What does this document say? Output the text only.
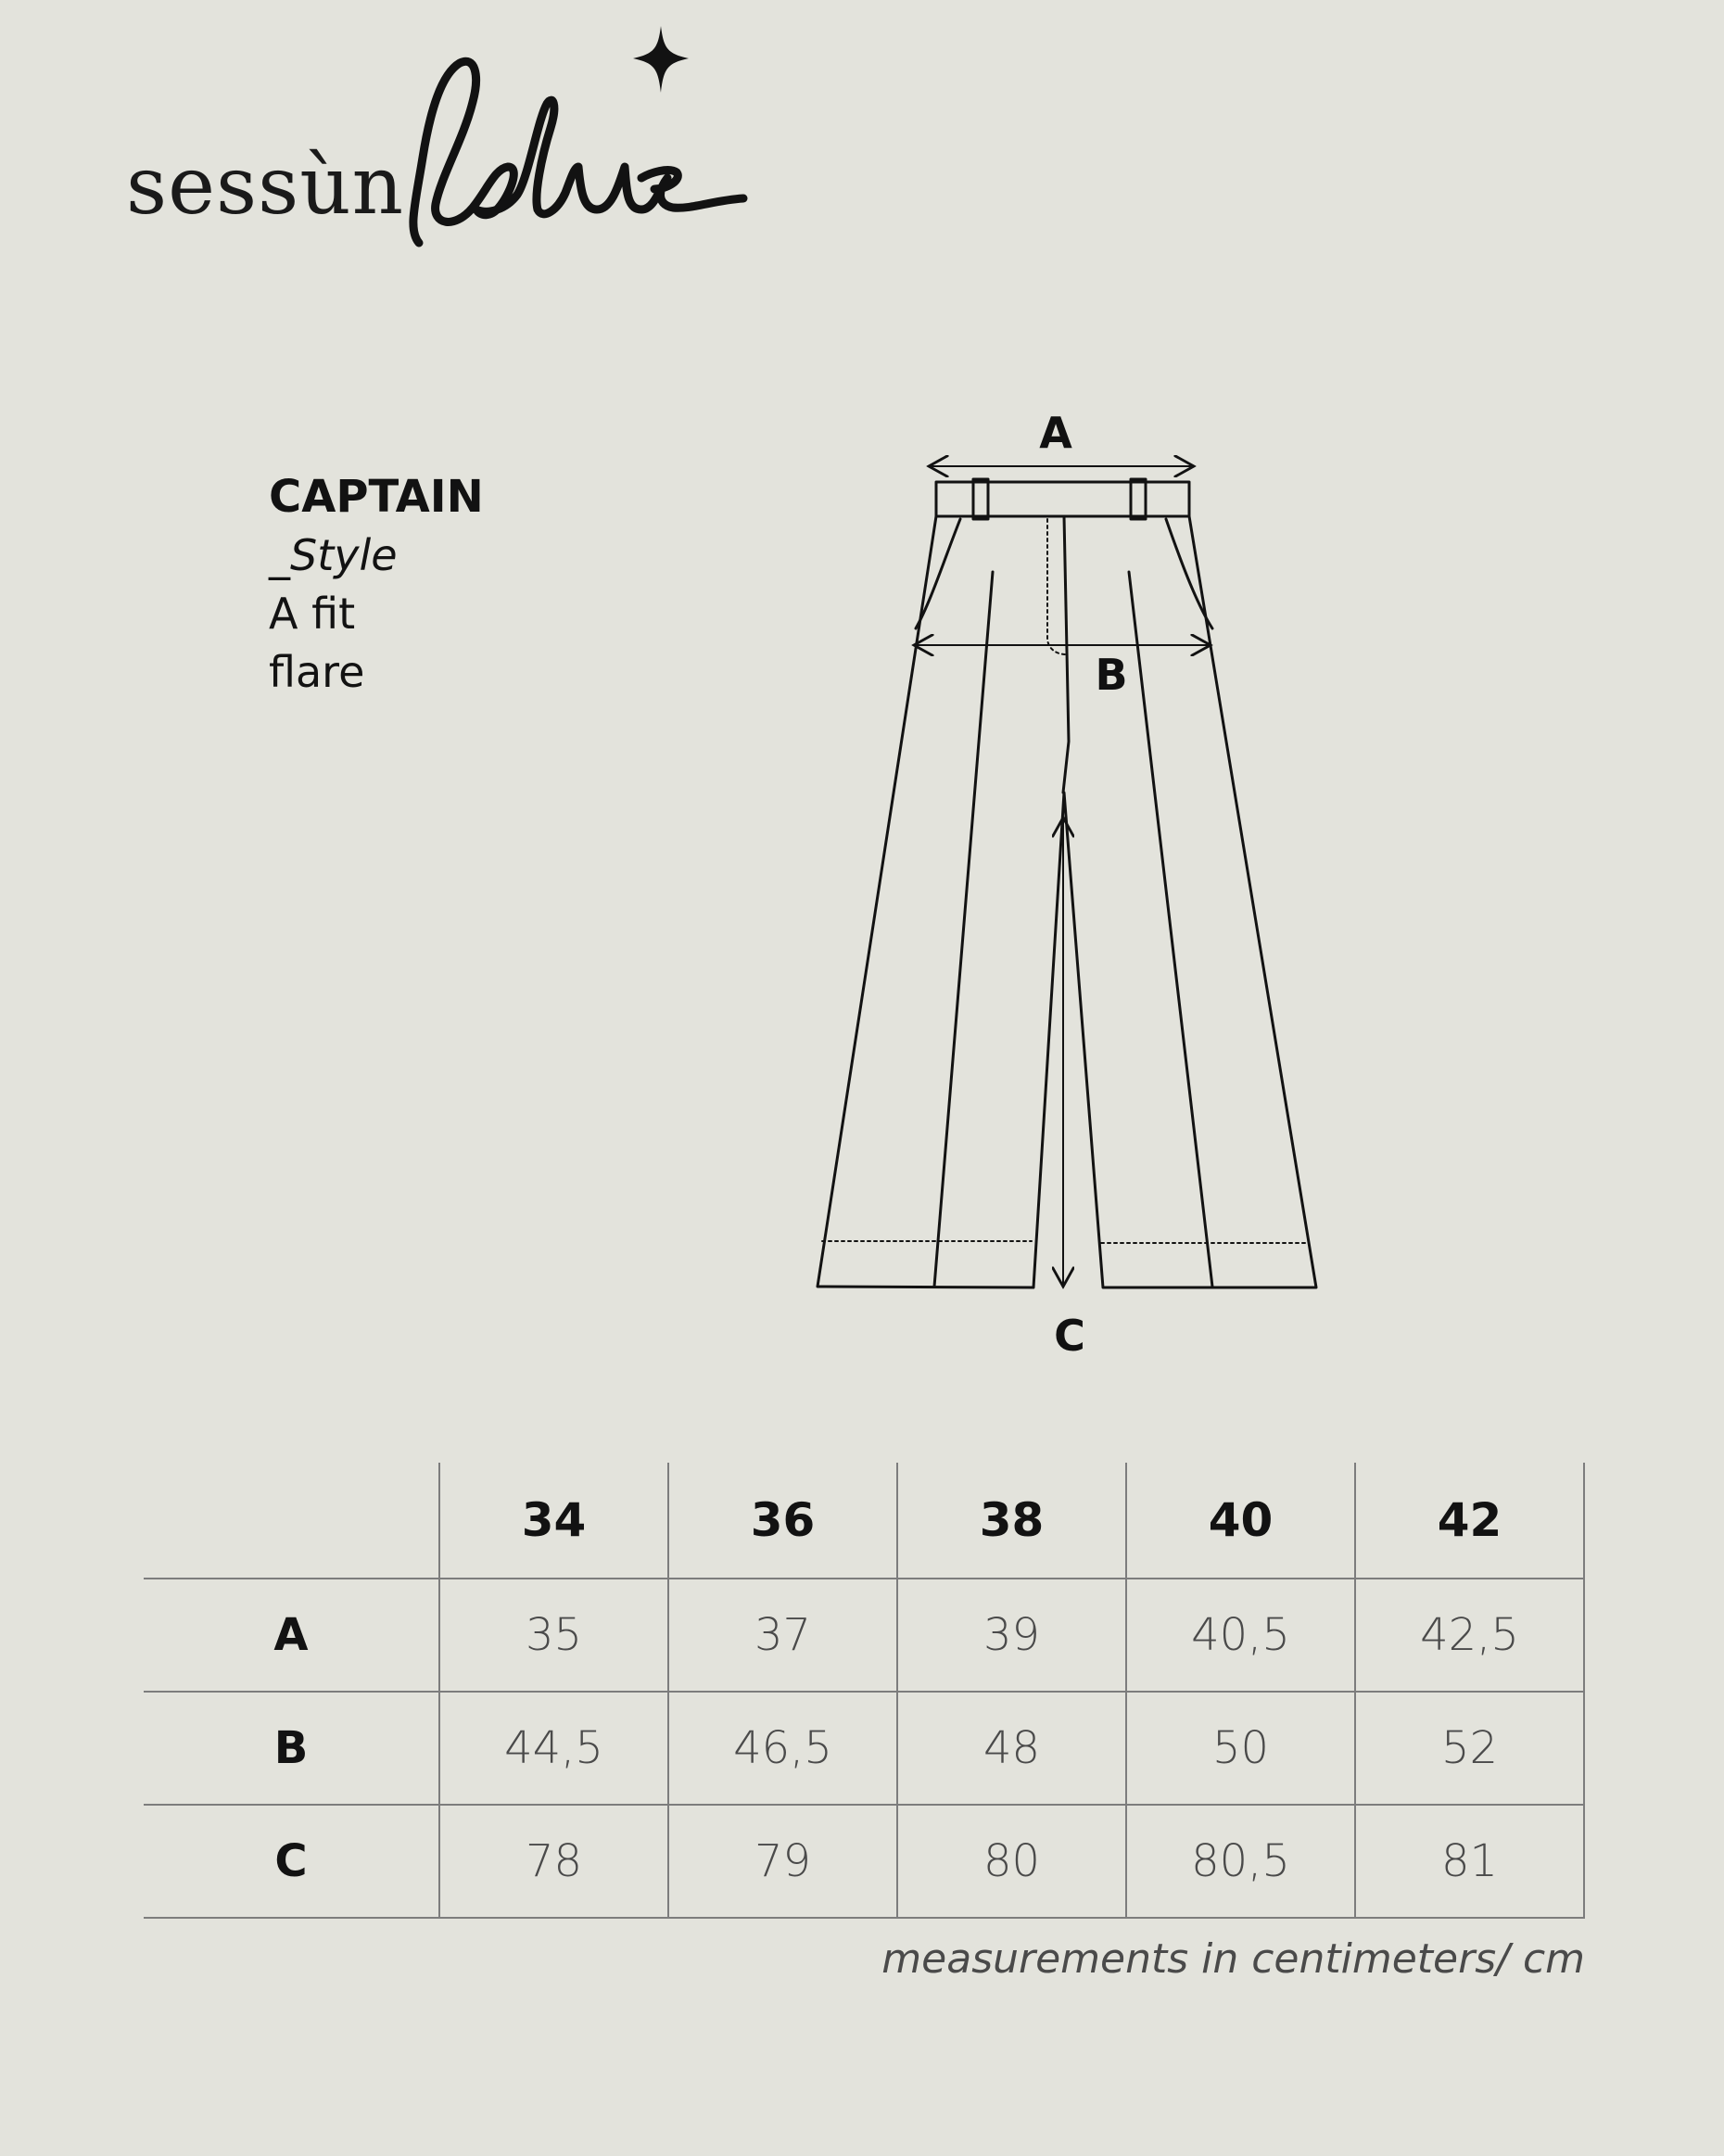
sessùn
CAPTAIN
_Style
A fit
flare
A
B
C
	34	36	38	40	42
A	35	37	39	40,5	42,5
B	44,5	46,5	48	50	52
C	78	79	80	80,5	81
measurements in centimeters/ cm
